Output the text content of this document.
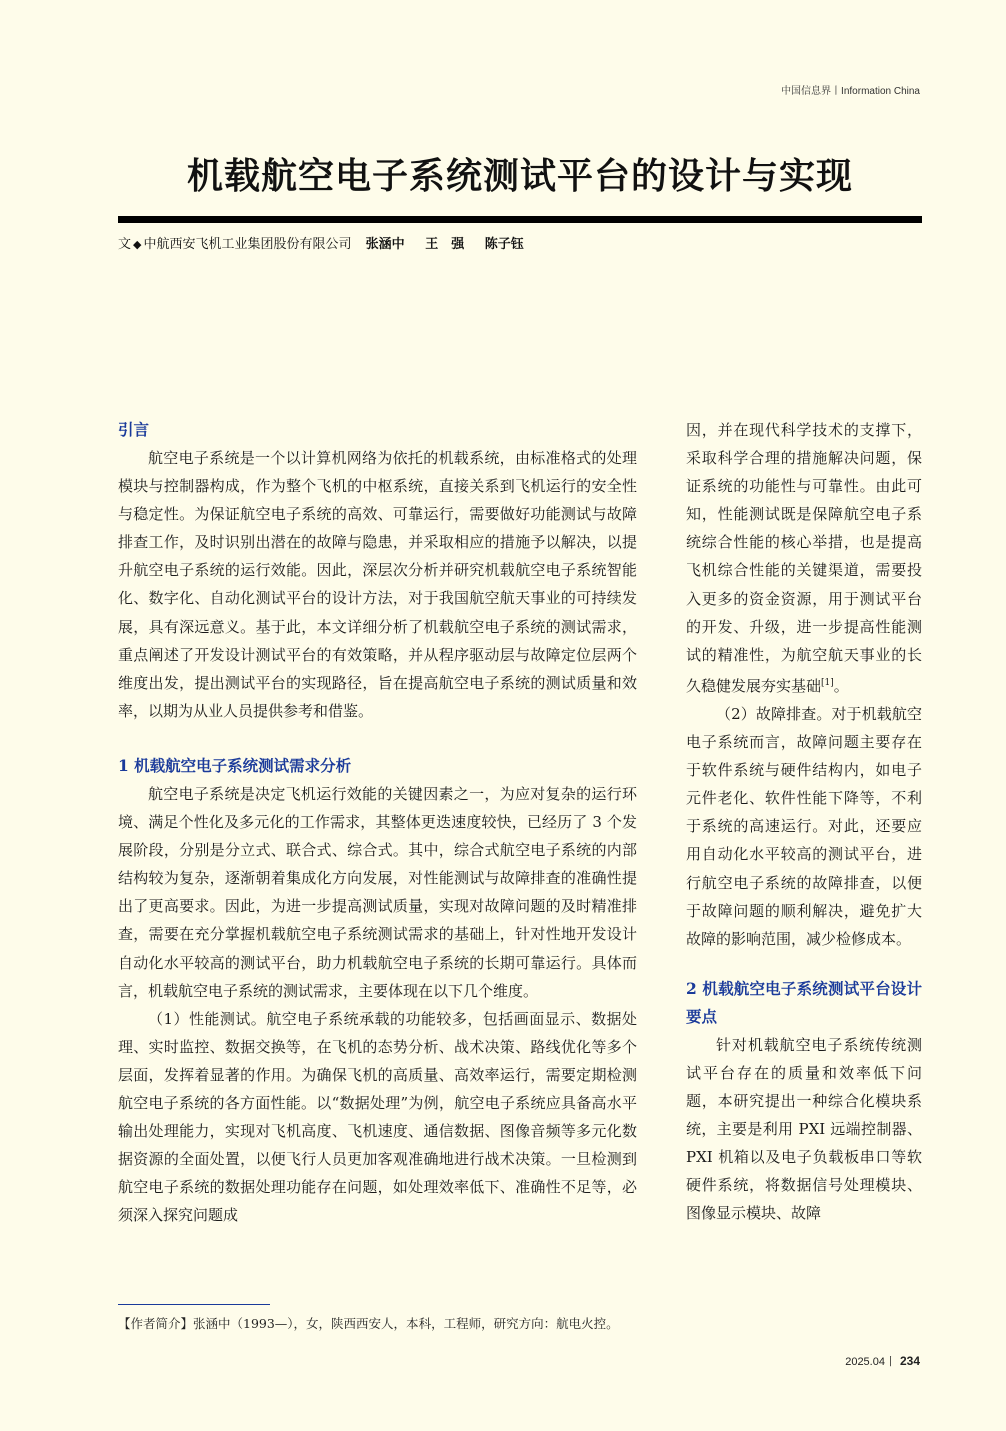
中国信息界丨Information China
机载航空电子系统测试平台的设计与实现
文 ◆ 中航西安飞机工业集团股份有限公司 张涵中 王　强 陈子钰
引言

航空电子系统是一个以计算机网络为依托的机载系统，由标准格式的处理模块与控制器构成，作为整个飞机的中枢系统，直接关系到飞机运行的安全性与稳定性。为保证航空电子系统的高效、可靠运行，需要做好功能测试与故障排查工作，及时识别出潜在的故障与隐患，并采取相应的措施予以解决，以提升航空电子系统的运行效能。因此，深层次分析并研究机载航空电子系统智能化、数字化、自动化测试平台的设计方法，对于我国航空航天事业的可持续发展，具有深远意义。基于此，本文详细分析了机载航空电子系统的测试需求，重点阐述了开发设计测试平台的有效策略，并从程序驱动层与故障定位层两个维度出发，提出测试平台的实现路径，旨在提高航空电子系统的测试质量和效率，以期为从业人员提供参考和借鉴。

1 机载航空电子系统测试需求分析

航空电子系统是决定飞机运行效能的关键因素之一，为应对复杂的运行环境、满足个性化及多元化的工作需求，其整体更迭速度较快，已经历了 3 个发展阶段，分别是分立式、联合式、综合式。其中，综合式航空电子系统的内部结构较为复杂，逐渐朝着集成化方向发展，对性能测试与故障排查的准确性提出了更高要求。因此，为进一步提高测试质量，实现对故障问题的及时精准排查，需要在充分掌握机载航空电子系统测试需求的基础上，针对性地开发设计自动化水平较高的测试平台，助力机载航空电子系统的长期可靠运行。具体而言，机载航空电子系统的测试需求，主要体现在以下几个维度。

（1）性能测试。航空电子系统承载的功能较多，包括画面显示、数据处理、实时监控、数据交换等，在飞机的态势分析、战术决策、路线优化等多个层面，发挥着显著的作用。为确保飞机的高质量、高效率运行，需要定期检测航空电子系统的各方面性能。以“数据处理”为例，航空电子系统应具备高水平输出处理能力，实现对飞机高度、飞机速度、通信数据、图像音频等多元化数据资源的全面处置，以便飞行人员更加客观准确地进行战术决策。一旦检测到航空电子系统的数据处理功能存在问题，如处理效率低下、准确性不足等，必须深入探究问题成

因，并在现代科学技术的支撑下，采取科学合理的措施解决问题，保证系统的功能性与可靠性。由此可知，性能测试既是保障航空电子系统综合性能的核心举措，也是提高飞机综合性能的关键渠道，需要投入更多的资金资源，用于测试平台的开发、升级，进一步提高性能测试的精准性，为航空航天事业的长久稳健发展夯实基础[1]。

（2）故障排查。对于机载航空电子系统而言，故障问题主要存在于软件系统与硬件结构内，如电子元件老化、软件性能下降等，不利于系统的高速运行。对此，还要应用自动化水平较高的测试平台，进行航空电子系统的故障排查，以便于故障问题的顺利解决，避免扩大故障的影响范围，减少检修成本。

2 机载航空电子系统测试平台设计要点

针对机载航空电子系统传统测试平台存在的质量和效率低下问题，本研究提出一种综合化模块系统，主要是利用 PXI 远端控制器、PXI 机箱以及电子负载板串口等软硬件系统，将数据信号处理模块、图像显示模块、故障

【作者简介】张涵中（1993—），女，陕西西安人，本科，工程师，研究方向：航电火控。
2025.04丨 234
